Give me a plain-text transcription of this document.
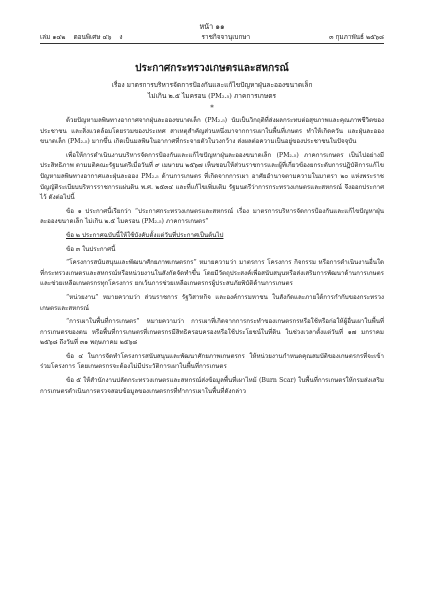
หน้า ๑๑
เล่ม ๑๔๒ ตอนพิเศษ ๔๖ ง	ราชกิจจานุเบกษา	๓ กุมภาพันธ์ ๒๕๖๘
ประกาศกระทรวงเกษตรและสหกรณ์
เรื่อง มาตรการบริหารจัดการป้องกันและแก้ไขปัญหาฝุ่นละอองขนาดเล็ก
ไม่เกิน ๒.๕ ไมครอน (PM₂.₅) ภาคการเกษตร
*

ด้วยปัญหามลพิษทางอากาศจากฝุ่นละอองขนาดเล็ก (PM₂.₅) นับเป็นวิกฤติที่ส่งผลกระทบต่อสุขภาพและคุณภาพชีวิตของประชาชน และสิ่งแวดล้อมโดยรวมของประเทศ สาเหตุสำคัญส่วนหนึ่งมาจากการเผาในพื้นที่เกษตร ทำให้เกิดควัน และฝุ่นละอองขนาดเล็ก (PM₂.₅) มากขึ้น เกิดเป็นมลพิษในอากาศที่กระจายตัวในวงกว้าง ส่งผลต่อความเป็นอยู่ของประชาชนในปัจจุบัน

เพื่อให้การดำเนินงานบริหารจัดการป้องกันและแก้ไขปัญหาฝุ่นละอองขนาดเล็ก (PM₂.₅) ภาคการเกษตร เป็นไปอย่างมีประสิทธิภาพ ตามมติคณะรัฐมนตรีเมื่อวันที่ ๙ เมษายน ๒๕๖๗ เห็นชอบให้ส่วนราชการและผู้ที่เกี่ยวข้องยกระดับการปฏิบัติการแก้ไขปัญหามลพิษทางอากาศและฝุ่นละออง PM₂.₅ ด้านการเกษตร ที่เกิดจากการเผา อาศัยอำนาจตามความในมาตรา ๒๐ แห่งพระราชบัญญัติระเบียบบริหารราชการแผ่นดิน พ.ศ. ๒๕๓๔ และที่แก้ไขเพิ่มเติม รัฐมนตรีว่าการกระทรวงเกษตรและสหกรณ์ จึงออกประกาศไว้ ดังต่อไปนี้

ข้อ ๑ ประกาศนี้เรียกว่า “ประกาศกระทรวงเกษตรและสหกรณ์ เรื่อง มาตรการบริหารจัดการป้องกันและแก้ไขปัญหาฝุ่นละอองขนาดเล็ก ไม่เกิน ๒.๕ ไมครอน (PM₂.₅) ภาคการเกษตร”

ข้อ ๒ ประกาศฉบับนี้ให้ใช้บังคับตั้งแต่วันที่ประกาศเป็นต้นไป

ข้อ ๓ ในประกาศนี้

“โครงการสนับสนุนและพัฒนาศักยภาพเกษตรกร” หมายความว่า มาตรการ โครงการ กิจกรรม หรือการดำเนินงานอื่นใดที่กระทรวงเกษตรและสหกรณ์หรือหน่วยงานในสังกัดจัดทำขึ้น โดยมีวัตถุประสงค์เพื่อสนับสนุนหรือส่งเสริมการพัฒนาด้านการเกษตร และช่วยเหลือเกษตรกรทุกโครงการ ยกเว้นการช่วยเหลือเกษตรกรผู้ประสบภัยพิบัติด้านการเกษตร

“หน่วยงาน” หมายความว่า ส่วนราชการ รัฐวิสาหกิจ และองค์การมหาชน ในสังกัดและภายใต้การกำกับของกระทรวงเกษตรและสหกรณ์

“การเผาในพื้นที่การเกษตร” หมายความว่า การเผาที่เกิดจากการกระทำของเกษตรกรหรือใช้หรือก่อให้ผู้อื่นเผาในพื้นที่การเกษตรของตน หรือพื้นที่การเกษตรที่เกษตรกรมีสิทธิครอบครองหรือใช้ประโยชน์ในที่ดิน ในช่วงเวลาตั้งแต่วันที่ ๑๗ มกราคม ๒๕๖๘ ถึงวันที่ ๓๑ พฤษภาคม ๒๕๖๘

ข้อ ๔ ในการจัดทำโครงการสนับสนุนและพัฒนาศักยภาพเกษตรกร ให้หน่วยงานกำหนดคุณสมบัติของเกษตรกรที่จะเข้าร่วมโครงการ โดยเกษตรกรจะต้องไม่มีประวัติการเผาในพื้นที่การเกษตร

ข้อ ๕ ให้สำนักงานปลัดกระทรวงเกษตรและสหกรณ์ส่งข้อมูลพื้นที่เผาไหม้ (Burn Scar) ในพื้นที่การเกษตรให้กรมส่งเสริมการเกษตรดำเนินการตรวจสอบข้อมูลของเกษตรกรที่ทำการเผาในพื้นที่ดังกล่าว
